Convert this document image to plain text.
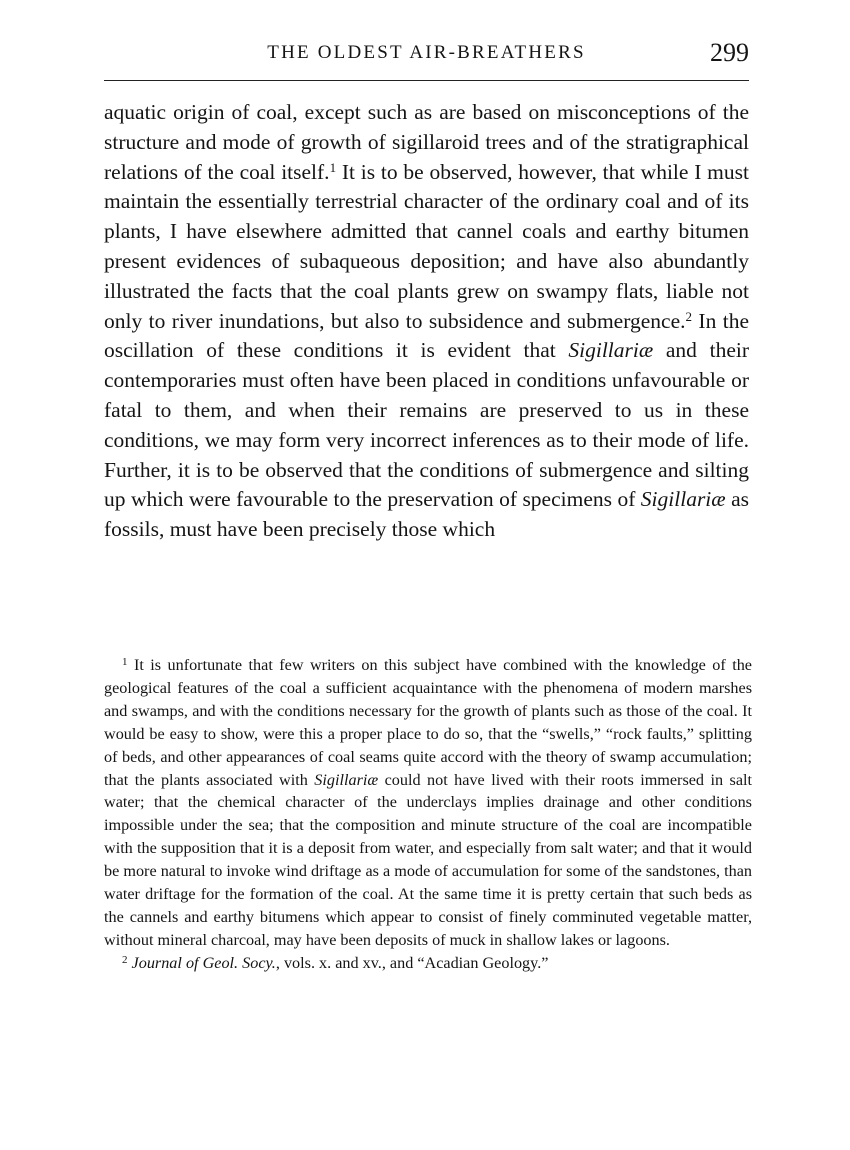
THE OLDEST AIR-BREATHERS	299

aquatic origin of coal, except such as are based on misconceptions of the structure and mode of growth of sigillaroid trees and of the stratigraphical relations of the coal itself.$^1$ It is to be observed, however, that while I must maintain the essentially terrestrial character of the ordinary coal and of its plants, I have elsewhere admitted that cannel coals and earthy bitumen present evidences of subaqueous deposition; and have also abundantly illustrated the facts that the coal plants grew on swampy flats, liable not only to river inundations, but also to subsidence and submergence.$^2$ In the oscillation of these conditions it is evident that Sigillariæ and their contemporaries must often have been placed in conditions unfavourable or fatal to them, and when their remains are preserved to us in these conditions, we may form very incorrect inferences as to their mode of life. Further, it is to be observed that the conditions of submergence and silting up which were favourable to the preservation of specimens of Sigillariæ as fossils, must have been precisely those which

$^1$ It is unfortunate that few writers on this subject have combined with the knowledge of the geological features of the coal a sufficient acquaintance with the phenomena of modern marshes and swamps, and with the conditions necessary for the growth of plants such as those of the coal. It would be easy to show, were this a proper place to do so, that the “swells,” “rock faults,” splitting of beds, and other appearances of coal seams quite accord with the theory of swamp accumulation; that the plants associated with Sigillariæ could not have lived with their roots immersed in salt water; that the chemical character of the underclays implies drainage and other conditions impossible under the sea; that the composition and minute structure of the coal are incompatible with the supposition that it is a deposit from water, and especially from salt water; and that it would be more natural to invoke wind driftage as a mode of accumulation for some of the sandstones, than water driftage for the formation of the coal. At the same time it is pretty certain that such beds as the cannels and earthy bitumens which appear to consist of finely comminuted vegetable matter, without mineral charcoal, may have been deposits of muck in shallow lakes or lagoons.

$^2$ Journal of Geol. Socy., vols. x. and xv., and “Acadian Geology.”
